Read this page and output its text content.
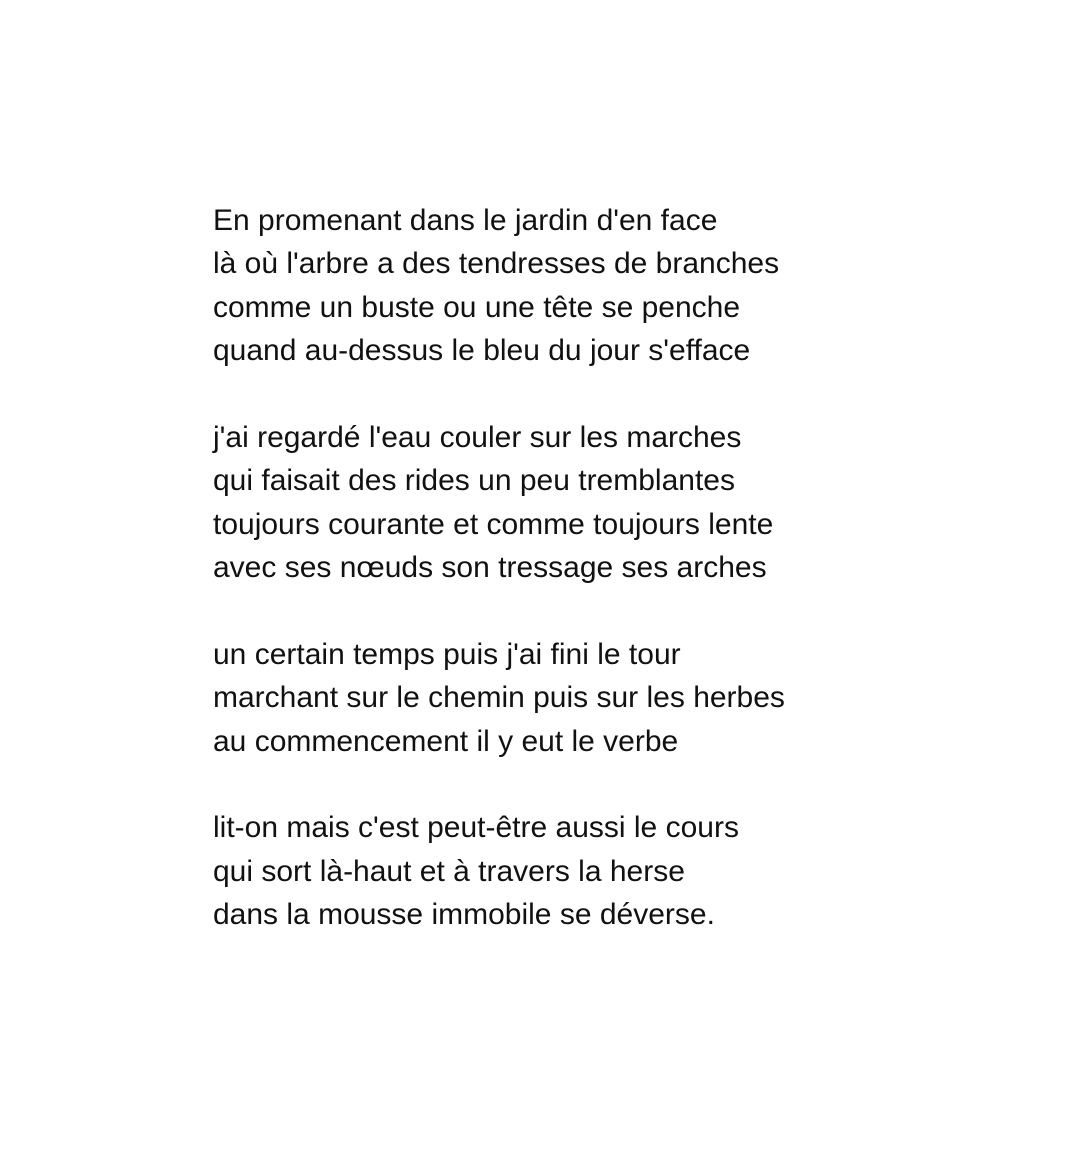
En promenant dans le jardin d'en face
là où l'arbre a des tendresses de branches
comme un buste ou une tête se penche
quand au-dessus le bleu du jour s'efface
j'ai regardé l'eau couler sur les marches
qui faisait des rides un peu tremblantes
toujours courante et comme toujours lente
avec ses nœuds son tressage ses arches
un certain temps puis j'ai fini le tour
marchant sur le chemin puis sur les herbes
au commencement il y eut le verbe
lit-on mais c'est peut-être aussi le cours
qui sort là-haut et à travers la herse
dans la mousse immobile se déverse.
